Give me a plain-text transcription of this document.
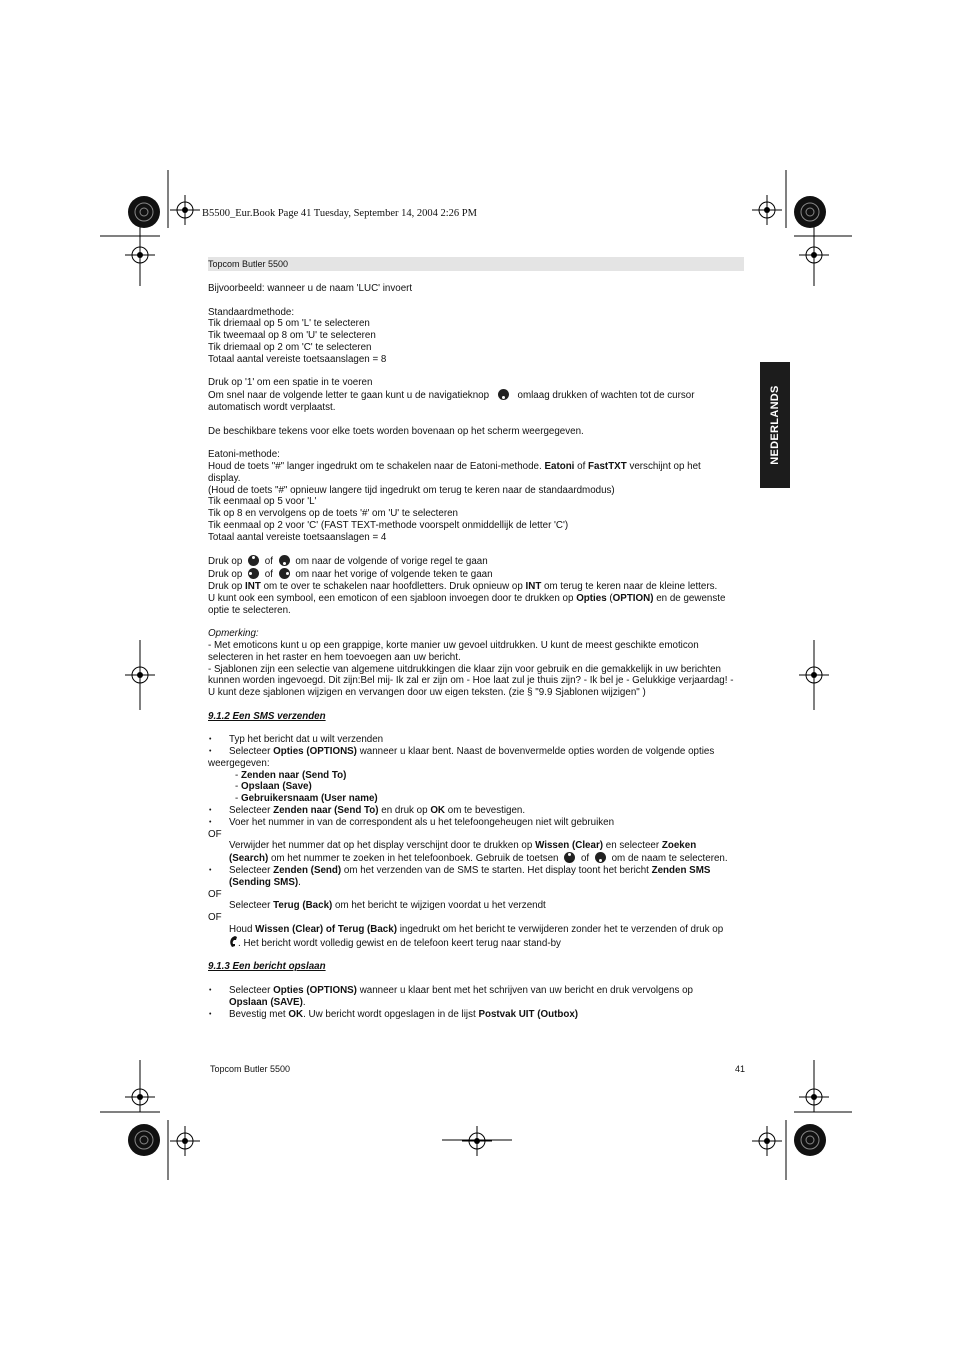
B5500_Eur.Book Page 41 Tuesday, September 14, 2004 2:26 PM
Topcom Butler 5500
NEDERLANDS

Bijvoorbeeld: wanneer u de naam 'LUC' invoert

Standaardmethode:

Tik driemaal op 5 om 'L' te selecteren

Tik tweemaal op 8 om 'U' te selecteren

Tik driemaal op 2 om 'C' te selecteren

Totaal aantal vereiste toetsaanslagen = 8

Druk op '1' om een spatie in te voeren

Om snel naar de volgende letter te gaan kunt u de navigatieknop	omlaag drukken of wachten tot de cursor

automatisch wordt verplaatst.

De beschikbare tekens voor elke toets worden bovenaan op het scherm weergegeven.

Eatoni-methode:

Houd de toets "#" langer ingedrukt om te schakelen naar de Eatoni-methode. Eatoni of FastTXT verschijnt op het

display.

(Houd de toets "#" opnieuw langere tijd ingedrukt om terug te keren naar de standaardmodus)

Tik eenmaal op 5 voor 'L'

Tik op 8 en vervolgens op de toets '#' om 'U' te selecteren

Tik eenmaal op 2 voor 'C' (FAST TEXT-methode voorspelt onmiddellijk de letter 'C')

Totaal aantal vereiste toetsaanslagen = 4

Druk op of om naar de volgende of vorige regel te gaan

Druk op of om naar het vorige of volgende teken te gaan

Druk op INT om te over te schakelen naar hoofdletters. Druk opnieuw op INT om terug te keren naar de kleine letters.

U kunt ook een symbool, een emoticon of een sjabloon invoegen door te drukken op Opties (OPTION) en de gewenste

optie te selecteren.

Opmerking:

- Met emoticons kunt u op een grappige, korte manier uw gevoel uitdrukken. U kunt de meest geschikte emoticon

selecteren in het raster en hem toevoegen aan uw bericht.

- Sjablonen zijn een selectie van algemene uitdrukkingen die klaar zijn voor gebruik en die gemakkelijk in uw berichten

kunnen worden ingevoegd. Dit zijn:Bel mij- Ik zal er zijn om - Hoe laat zul je thuis zijn? - Ik bel je - Gelukkige verjaardag! -

U kunt deze sjablonen wijzigen en vervangen door uw eigen teksten. (zie § "9.9 Sjablonen wijzigen" )

9.1.2 Een SMS verzenden

• Typ het bericht dat u wilt verzenden

• Selecteer Opties (OPTIONS) wanneer u klaar bent. Naast de bovenvermelde opties worden de volgende opties

weergegeven:

- Zenden naar (Send To)

- Opslaan (Save)

- Gebruikersnaam (User name)

• Selecteer Zenden naar (Send To) en druk op OK om te bevestigen.

• Voer het nummer in van de correspondent als u het telefoongeheugen niet wilt gebruiken

OF

Verwijder het nummer dat op het display verschijnt door te drukken op Wissen (Clear) en selecteer Zoeken

(Search) om het nummer te zoeken in het telefoonboek. Gebruik de toetsen of om de naam te selecteren.

• Selecteer Zenden (Send) om het verzenden van de SMS te starten. Het display toont het bericht Zenden SMS

(Sending SMS).

OF

Selecteer Terug (Back) om het bericht te wijzigen voordat u het verzendt

OF

Houd Wissen (Clear) of Terug (Back) ingedrukt om het bericht te verwijderen zonder het te verzenden of druk op

. Het bericht wordt volledig gewist en de telefoon keert terug naar stand-by

9.1.3 Een bericht opslaan

• Selecteer Opties (OPTIONS) wanneer u klaar bent met het schrijven van uw bericht en druk vervolgens op

Opslaan (SAVE).

• Bevestig met OK. Uw bericht wordt opgeslagen in de lijst Postvak UIT (Outbox)

Topcom Butler 5500	41
